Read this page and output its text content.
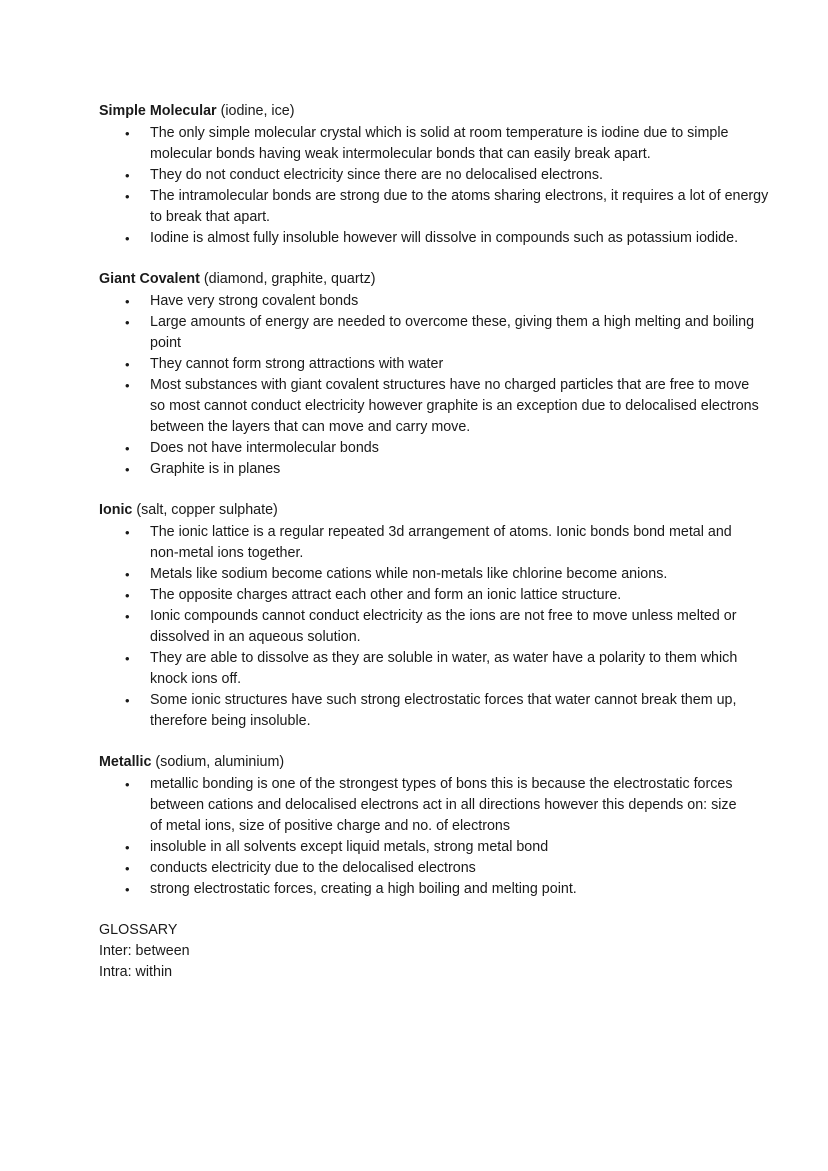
Simple Molecular (iodine, ice)

• The only simple molecular crystal which is solid at room temperature is iodine due to simple molecular bonds having weak intermolecular bonds that can easily break apart.
• They do not conduct electricity since there are no delocalised electrons.
• The intramolecular bonds are strong due to the atoms sharing electrons, it requires a lot of energy to break that apart.
• Iodine is almost fully insoluble however will dissolve in compounds such as potassium iodide.

Giant Covalent (diamond, graphite, quartz)

• Have very strong covalent bonds
• Large amounts of energy are needed to overcome these, giving them a high melting and boiling point
• They cannot form strong attractions with water
• Most substances with giant covalent structures have no charged particles that are free to move so most cannot conduct electricity however graphite is an exception due to delocalised electrons between the layers that can move and carry move.
• Does not have intermolecular bonds
• Graphite is in planes

Ionic (salt, copper sulphate)

• The ionic lattice is a regular repeated 3d arrangement of atoms. Ionic bonds bond metal and non-metal ions together.
• Metals like sodium become cations while non-metals like chlorine become anions.
• The opposite charges attract each other and form an ionic lattice structure.
• Ionic compounds cannot conduct electricity as the ions are not free to move unless melted or dissolved in an aqueous solution.
• They are able to dissolve as they are soluble in water, as water have a polarity to them which knock ions off.
• Some ionic structures have such strong electrostatic forces that water cannot break them up, therefore being insoluble.

Metallic (sodium, aluminium)

• metallic bonding is one of the strongest types of bons this is because the electrostatic forces between cations and delocalised electrons act in all directions however this depends on: size of metal ions, size of positive charge and no. of electrons
• insoluble in all solvents except liquid metals, strong metal bond
• conducts electricity due to the delocalised electrons
• strong electrostatic forces, creating a high boiling and melting point.

GLOSSARY

Inter: between

Intra: within
